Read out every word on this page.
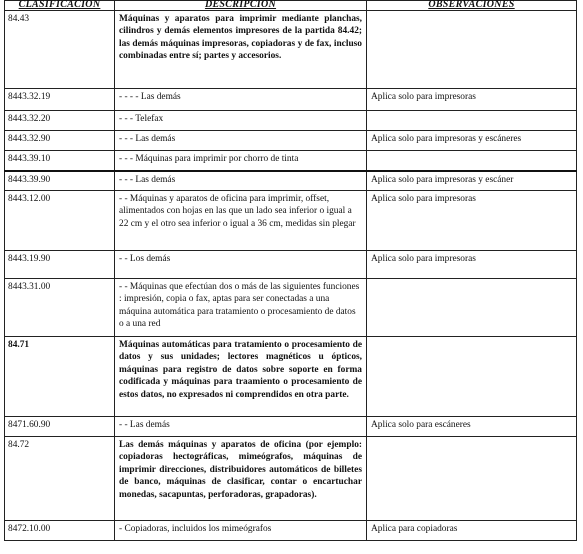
CLASIFICACIÓN	DESCRIPCIÓN	OBSERVACIONES
84.43	Máquinas y aparatos para imprimir mediante planchas, cilindros y demás elementos impresores de la partida 84.42; las demás máquinas impresoras, copiadoras y de fax, incluso combinadas entre sí; partes y accesorios.	
8443.32.19	- - - - Las demás	Aplica solo para impresoras
8443.32.20	- - - Telefax	
8443.32.90	- - - Las demás	Aplica solo para impresoras y escáneres
8443.39.10	- - - Máquinas para imprimir por chorro de tinta	
8443.39.90	- - - Las demás	Aplica solo para impresoras y escáner
8443.12.00	- - Máquinas y aparatos de oficina para imprimir, offset, alimentados con hojas en las que un lado sea inferior o igual a 22 cm y el otro sea inferior o igual a 36 cm, medidas sin plegar	Aplica solo para impresoras
8443.19.90	- - Los demás	Aplica solo para impresoras
8443.31.00	- - Máquinas que efectúan dos o más de las siguientes funciones : impresión, copia o fax, aptas para ser conectadas a una máquina automática para tratamiento o procesamiento de datos o a una red	
84.71	Máquinas automáticas para tratamiento o procesamiento de datos y sus unidades; lectores magnéticos u ópticos, máquinas para registro de datos sobre soporte en forma codificada y máquinas para traamiento o procesamiento de estos datos, no expresados ni comprendidos en otra parte.	
8471.60.90	- - Las demás	Aplica solo para escáneres
84.72	Las demás máquinas y aparatos de oficina (por ejemplo: copiadoras hectográficas, mimeógrafos, máquinas de imprimir direcciones, distribuidores automáticos de billetes de banco, máquinas de clasificar, contar o encartuchar monedas, sacapuntas, perforadoras, grapadoras).	
8472.10.00	- Copiadoras, incluidos los mimeógrafos	Aplica para copiadoras
